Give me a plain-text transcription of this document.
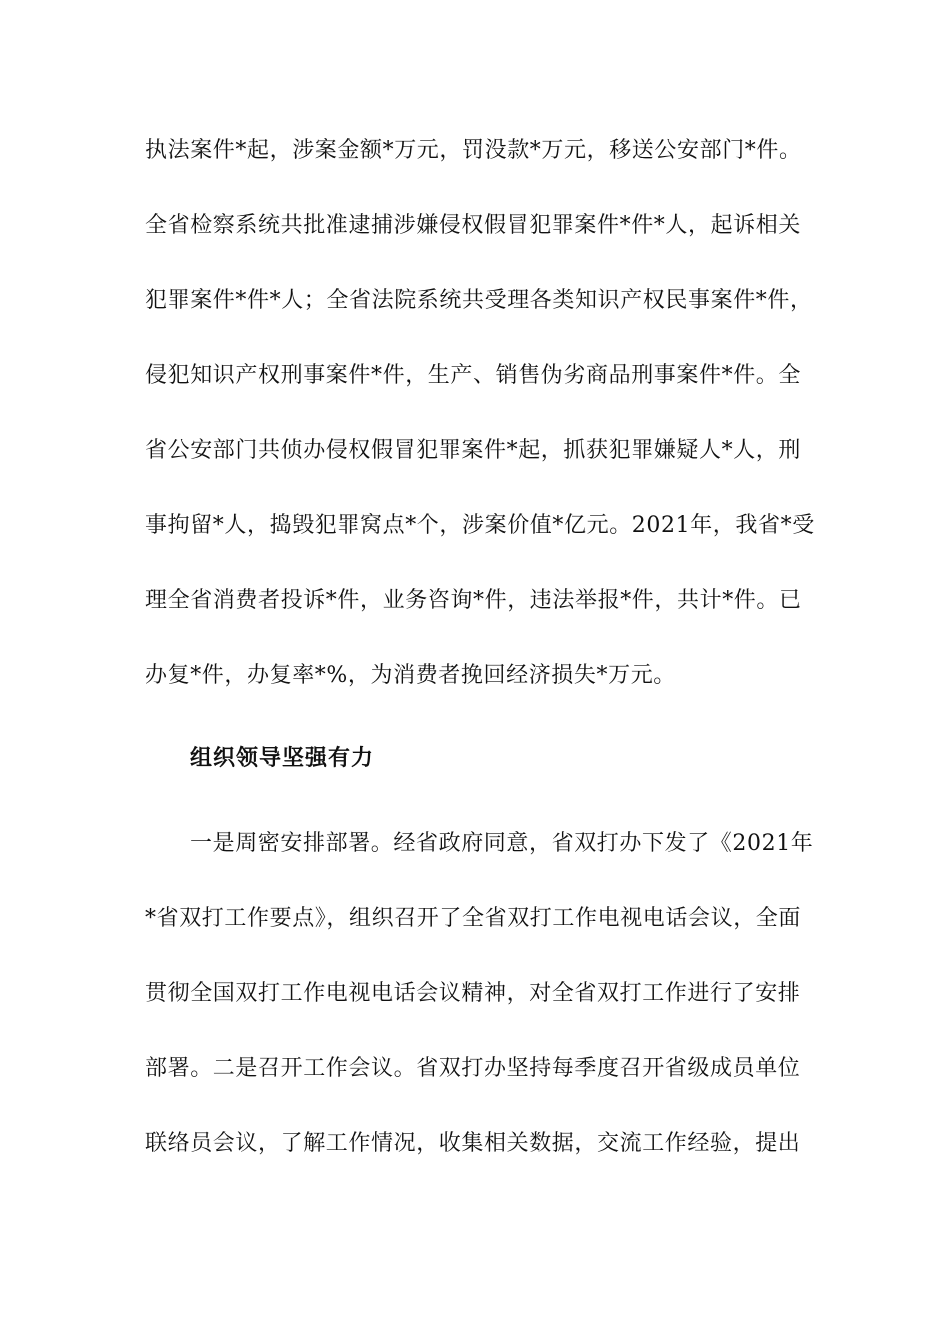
执法案件*起，涉案金额*万元，罚没款*万元，移送公安部门*件。
全省检察系统共批准逮捕涉嫌侵权假冒犯罪案件*件*人，起诉相关
犯罪案件*件*人；全省法院系统共受理各类知识产权民事案件*件，
侵犯知识产权刑事案件*件，生产、销售伪劣商品刑事案件*件。全
省公安部门共侦办侵权假冒犯罪案件*起，抓获犯罪嫌疑人*人，刑
事拘留*人，捣毁犯罪窝点*个，涉案价值*亿元。2021年，我省*受
理全省消费者投诉*件，业务咨询*件，违法举报*件，共计*件。已
办复*件，办复率*%，为消费者挽回经济损失*万元。
组织领导坚强有力
一是周密安排部署。经省政府同意，省双打办下发了《2021年
*省双打工作要点》，组织召开了全省双打工作电视电话会议，全面
贯彻全国双打工作电视电话会议精神，对全省双打工作进行了安排
部署。二是召开工作会议。省双打办坚持每季度召开省级成员单位
联络员会议，了解工作情况，收集相关数据，交流工作经验，提出
